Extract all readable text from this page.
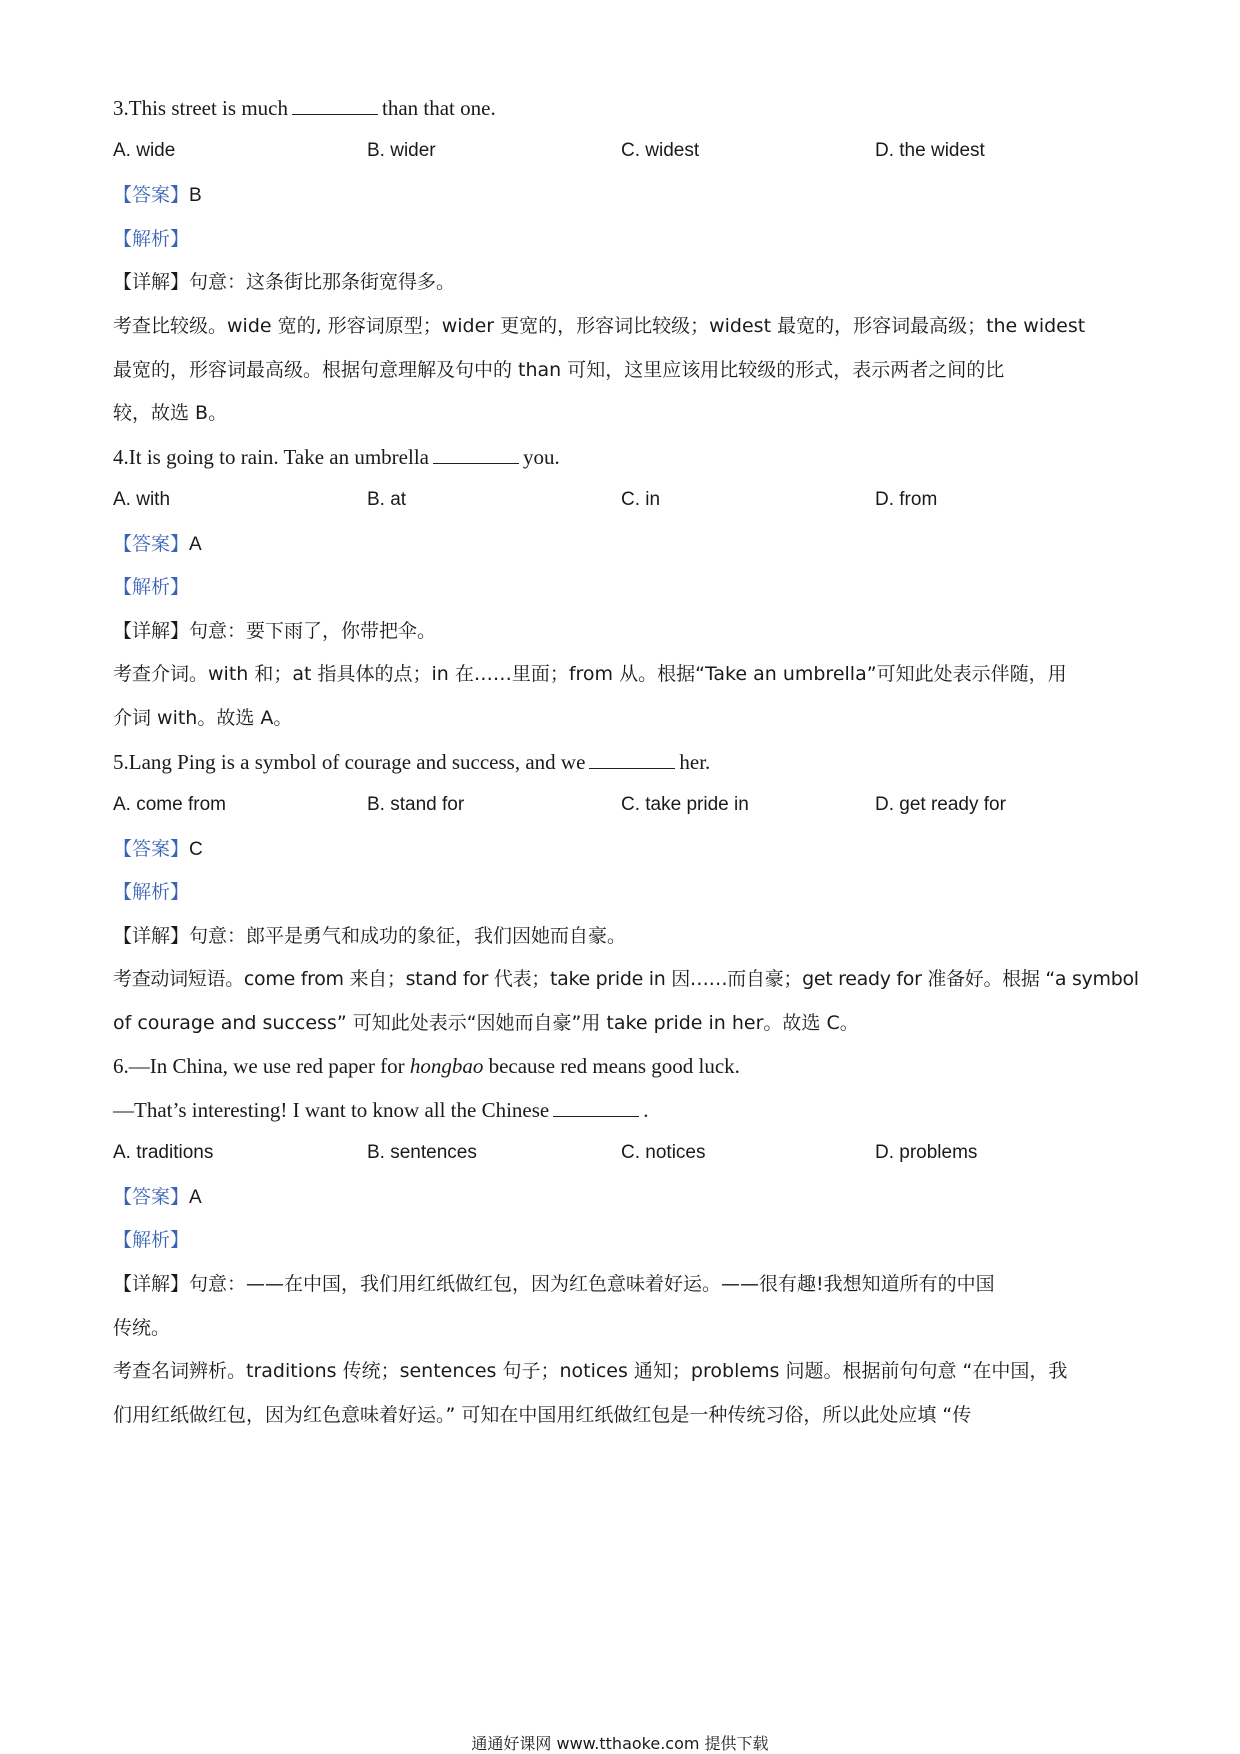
3.This street is much	than that one.
A. wide	B. wider	C. widest	D. the widest
【答案】B
【解析】
【详解】句意：这条街比那条街宽得多。
考查比较级。wide 宽的, 形容词原型；wider 更宽的，形容词比较级；widest 最宽的，形容词最高级；the widest
最宽的，形容词最高级。根据句意理解及句中的 than 可知，这里应该用比较级的形式，表示两者之间的比
较，故选 B。
4.It is going to rain. Take an umbrella	you.
A. with	B. at	C. in	D. from
【答案】A
【解析】
【详解】句意：要下雨了，你带把伞。
考查介词。with 和；at 指具体的点；in 在……里面；from 从。根据“Take an umbrella”可知此处表示伴随，用
介词 with。故选 A。
5.Lang Ping is a symbol of courage and success, and we	her.
A. come from	B. stand for	C. take pride in	D. get ready for
【答案】C
【解析】
【详解】句意：郎平是勇气和成功的象征，我们因她而自豪。
考查动词短语。come from 来自；stand for 代表；take pride in 因……而自豪；get ready for 准备好。根据 “a symbol
of courage and success” 可知此处表示“因她而自豪”用 take pride in her。故选 C。
6.—In China, we use red paper for hongbao because red means good luck.
—That’s interesting! I want to know all the Chinese	.
A. traditions	B. sentences	C. notices	D. problems
【答案】A
【解析】
【详解】句意：——在中国，我们用红纸做红包，因为红色意味着好运。——很有趣!我想知道所有的中国
传统。
考查名词辨析。traditions 传统；sentences 句子；notices 通知；problems 问题。根据前句句意 “在中国，我
们用红纸做红包，因为红色意味着好运。” 可知在中国用红纸做红包是一种传统习俗，所以此处应填 “传
通通好课网 www.tthaoke.com 提供下载
